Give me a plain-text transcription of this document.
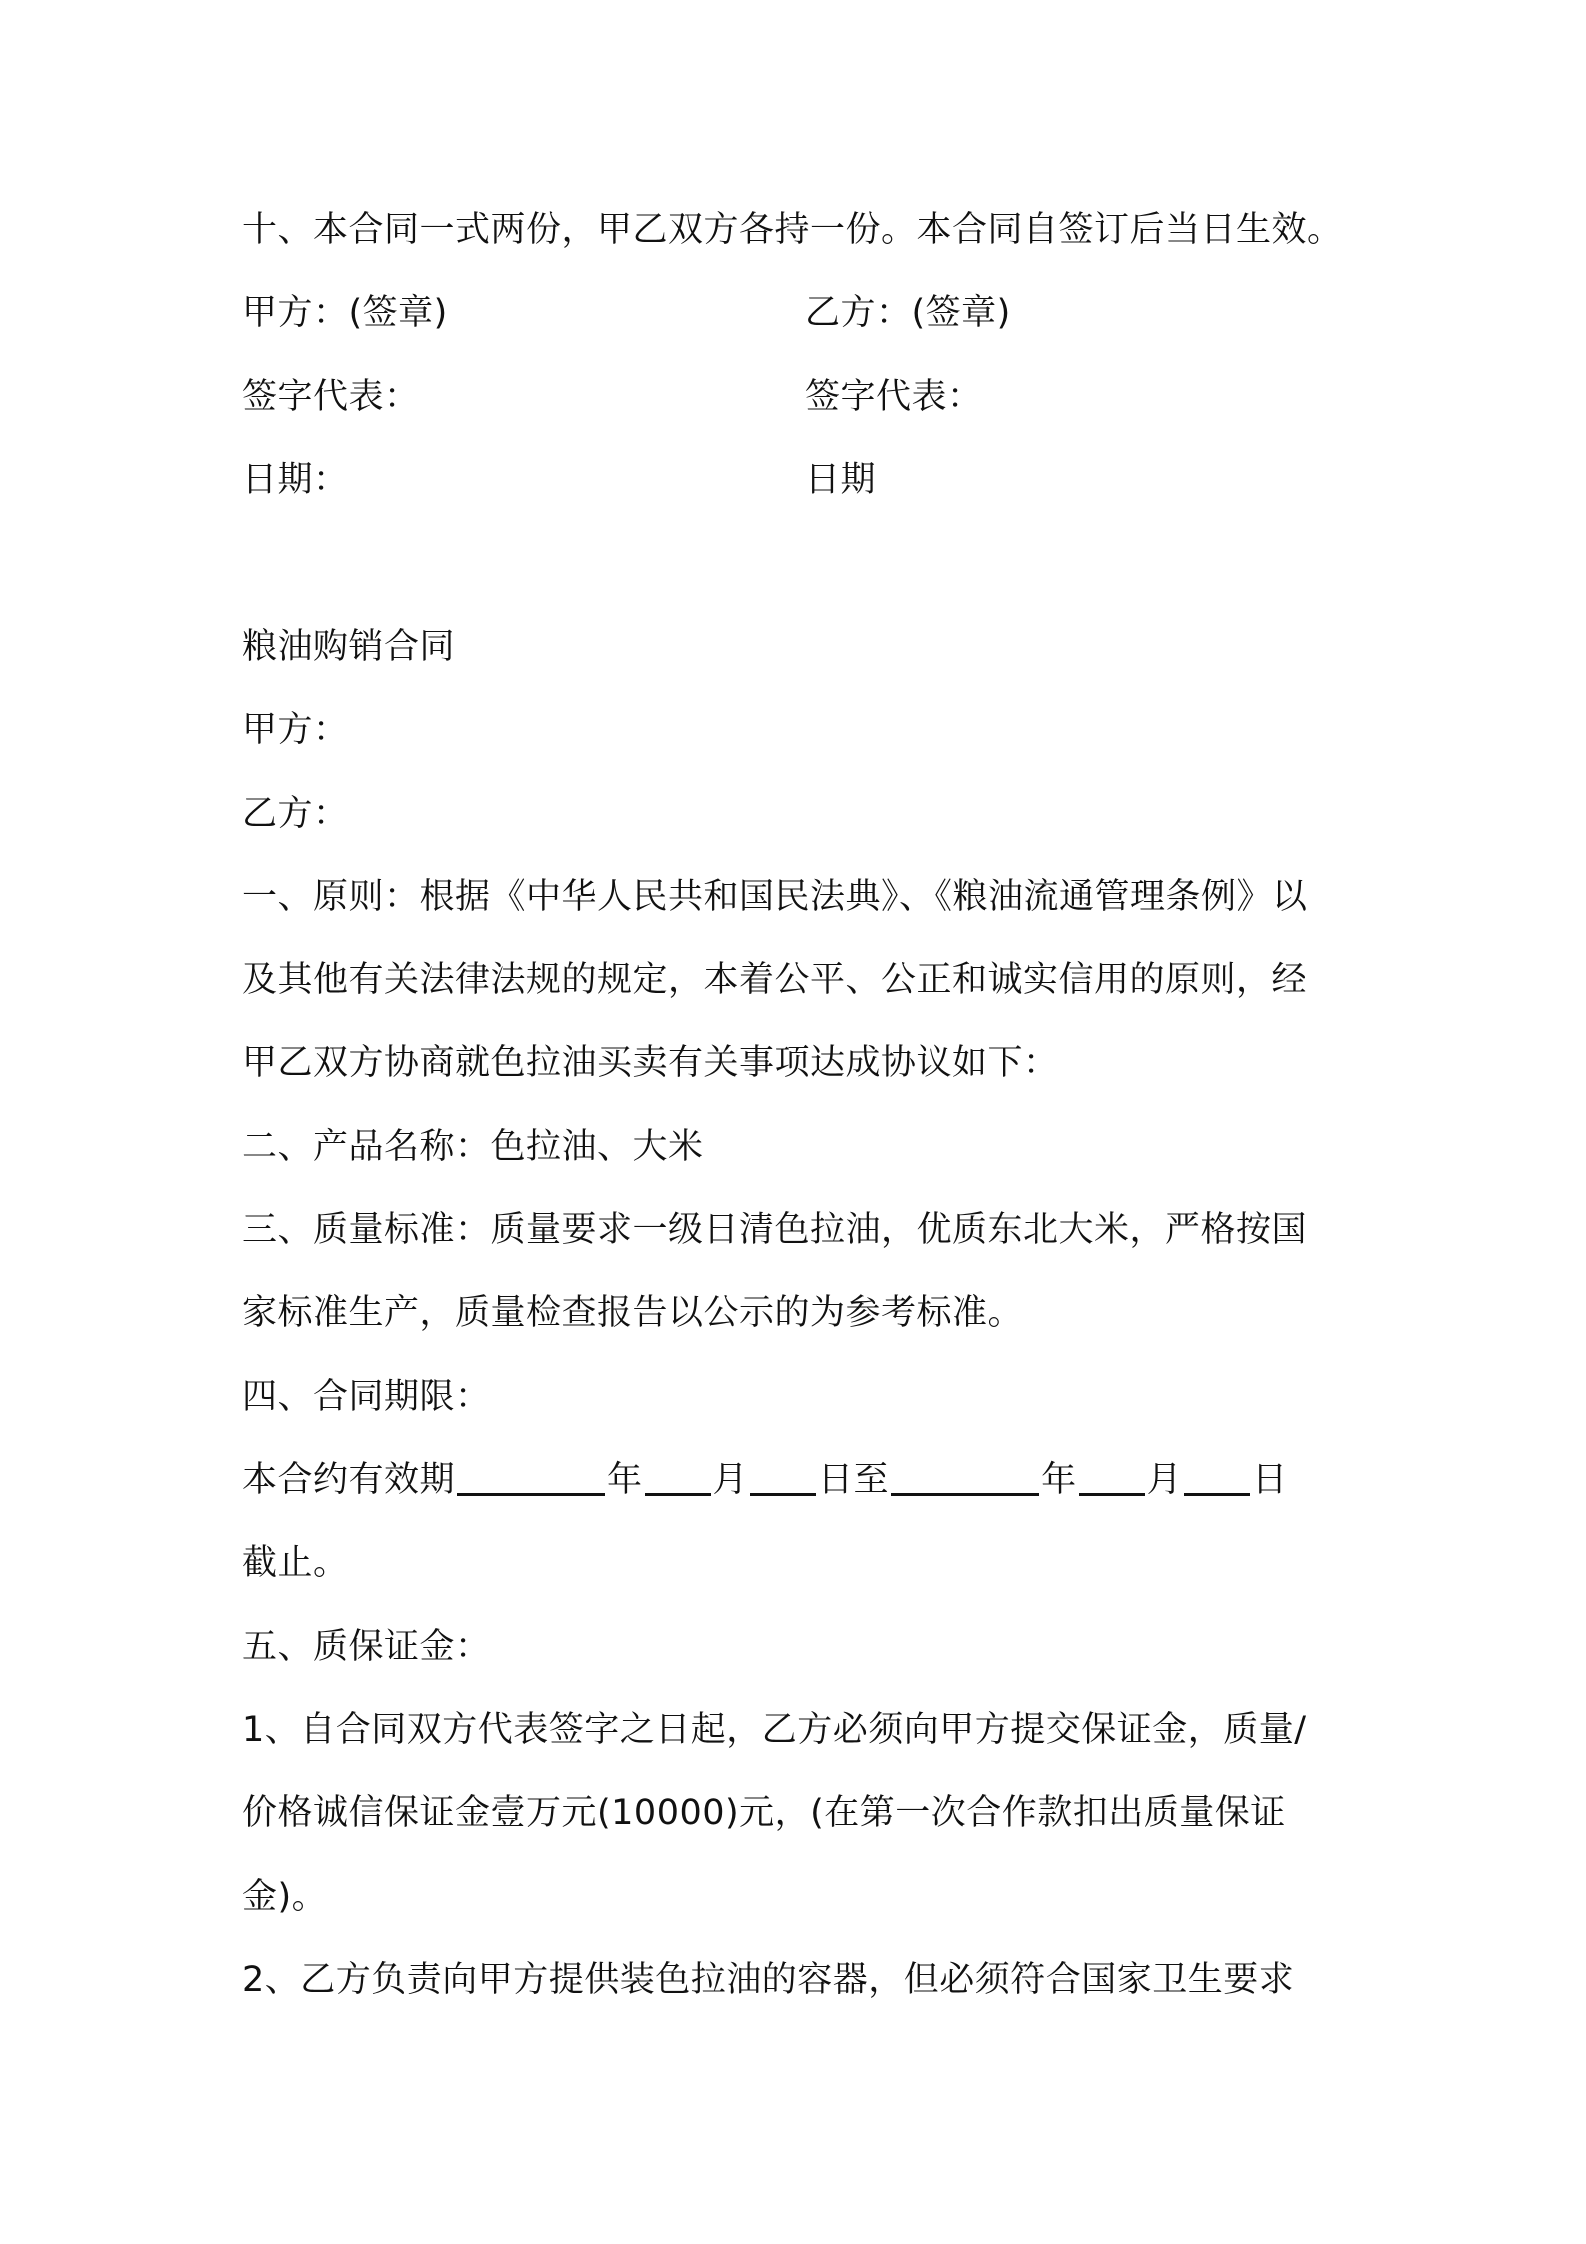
十、本合同一式两份，甲乙双方各持一份。本合同自签订后当日生效。
甲方：(签章)	乙方：(签章)
签字代表：	签字代表：
日期：	日期
粮油购销合同
甲方：
乙方：
一、原则：根据《中华人民共和国民法典》、《粮油流通管理条例》以
及其他有关法律法规的规定，本着公平、公正和诚实信用的原则，经
甲乙双方协商就色拉油买卖有关事项达成协议如下：
二、产品名称：色拉油、大米
三、质量标准：质量要求一级日清色拉油，优质东北大米，严格按国
家标准生产，质量检查报告以公示的为参考标准。
四、合同期限：
本合约有效期	年 月 日至	年 月 日
截止。
五、质保证金：
1、自合同双方代表签字之日起，乙方必须向甲方提交保证金，质量/
价格诚信保证金壹万元(10000)元，(在第一次合作款扣出质量保证
金)。
2、乙方负责向甲方提供装色拉油的容器，但必须符合国家卫生要求
